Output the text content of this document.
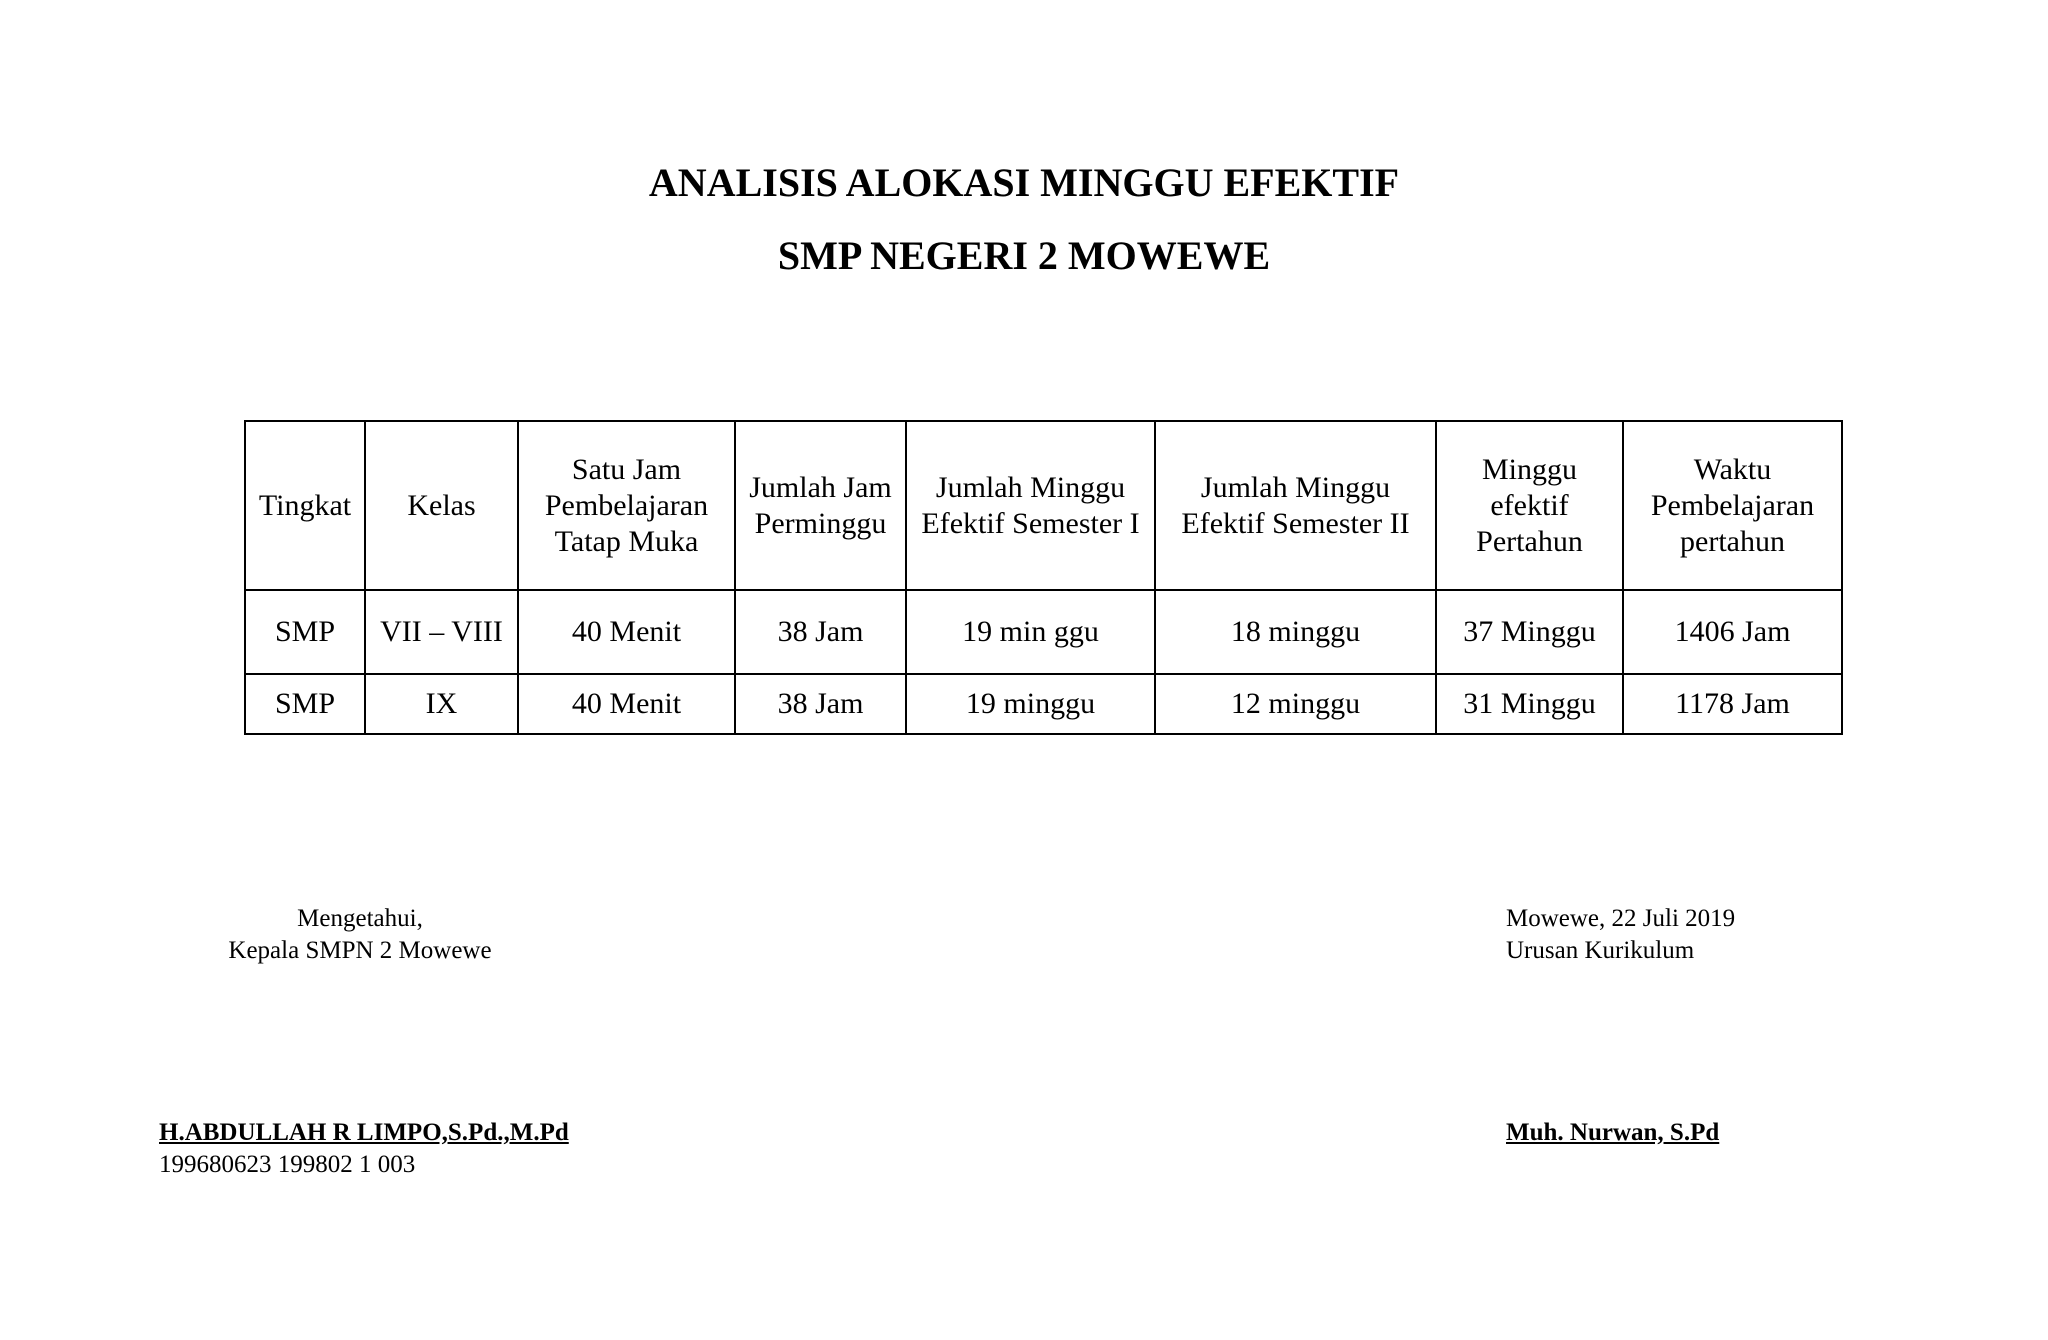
ANALISIS ALOKASI MINGGU EFEKTIF
SMP NEGERI 2 MOWEWE
Tingkat	Kelas	Satu Jam Pembelajaran Tatap Muka	Jumlah Jam Perminggu	Jumlah Minggu Efektif Semester I	Jumlah Minggu Efektif Semester II	Minggu efektif Pertahun	Waktu Pembelajaran pertahun
SMP	VII – VIII	40 Menit	38 Jam	19 min ggu	18 minggu	37 Minggu	1406 Jam
SMP	IX	40 Menit	38 Jam	19 minggu	12 minggu	31 Minggu	1178 Jam
Mengetahui,
Kepala SMPN 2 Mowewe
Mowewe, 22 Juli 2019
Urusan Kurikulum
H.ABDULLAH R LIMPO,S.Pd.,M.Pd
199680623 199802 1 003
Muh. Nurwan, S.Pd
